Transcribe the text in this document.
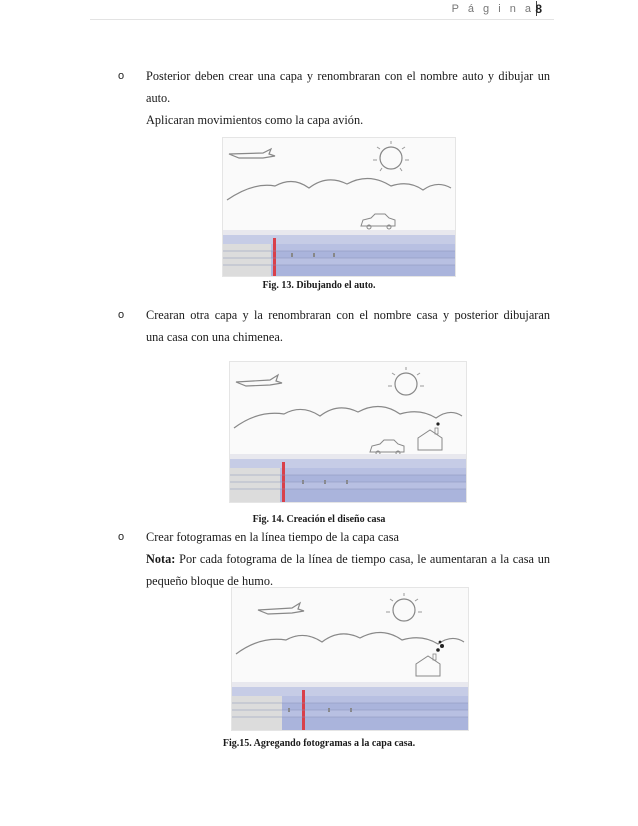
P á g i n a 8
o Posterior deben crear una capa y renombraran con el nombre auto y dibujar un
auto.
Aplicaran movimientos como la capa avión.
Fig. 13. Dibujando el auto.
o Crearan otra capa y la renombraran con el nombre casa y posterior dibujaran
una casa con una chimenea.
Fig. 14. Creación el diseño casa
o Crear fotogramas en la línea tiempo de la capa casa
Nota: Por cada fotograma de la línea de tiempo casa, le aumentaran a la casa un
pequeño bloque de humo.
Fig.15. Agregando fotogramas a la capa casa.
